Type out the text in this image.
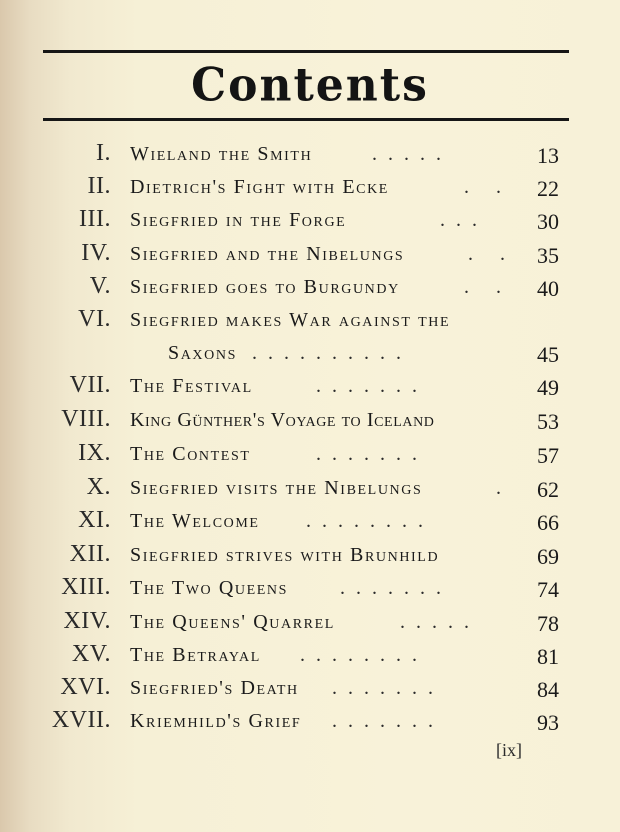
Contents
I. Wieland the Smith	.....	13
II. Dietrich's Fight with Ecke	. .	22
III. Siegfried in the Forge	...	30
IV. Siegfried and the Nibelungs	. . 35
V. Siegfried goes to Burgundy	. .	40
VI. Siegfried makes War against the
Saxons ..........	45
VII. The Festival	.......	49
VIII. King Günther's Voyage to Iceland	53
IX. The Contest	.......	57
X. Siegfried visits the Nibelungs	.	62
XI. The Welcome ........	66
XII. Siegfried strives with Brunhild	69
XIII. The Two Queens	.......	74
XIV. The Queens' Quarrel	.....	78
XV. The Betrayal ........	81
XVI. Siegfried's Death .......	84
XVII. Kriemhild's Grief .......	93
[ix]
